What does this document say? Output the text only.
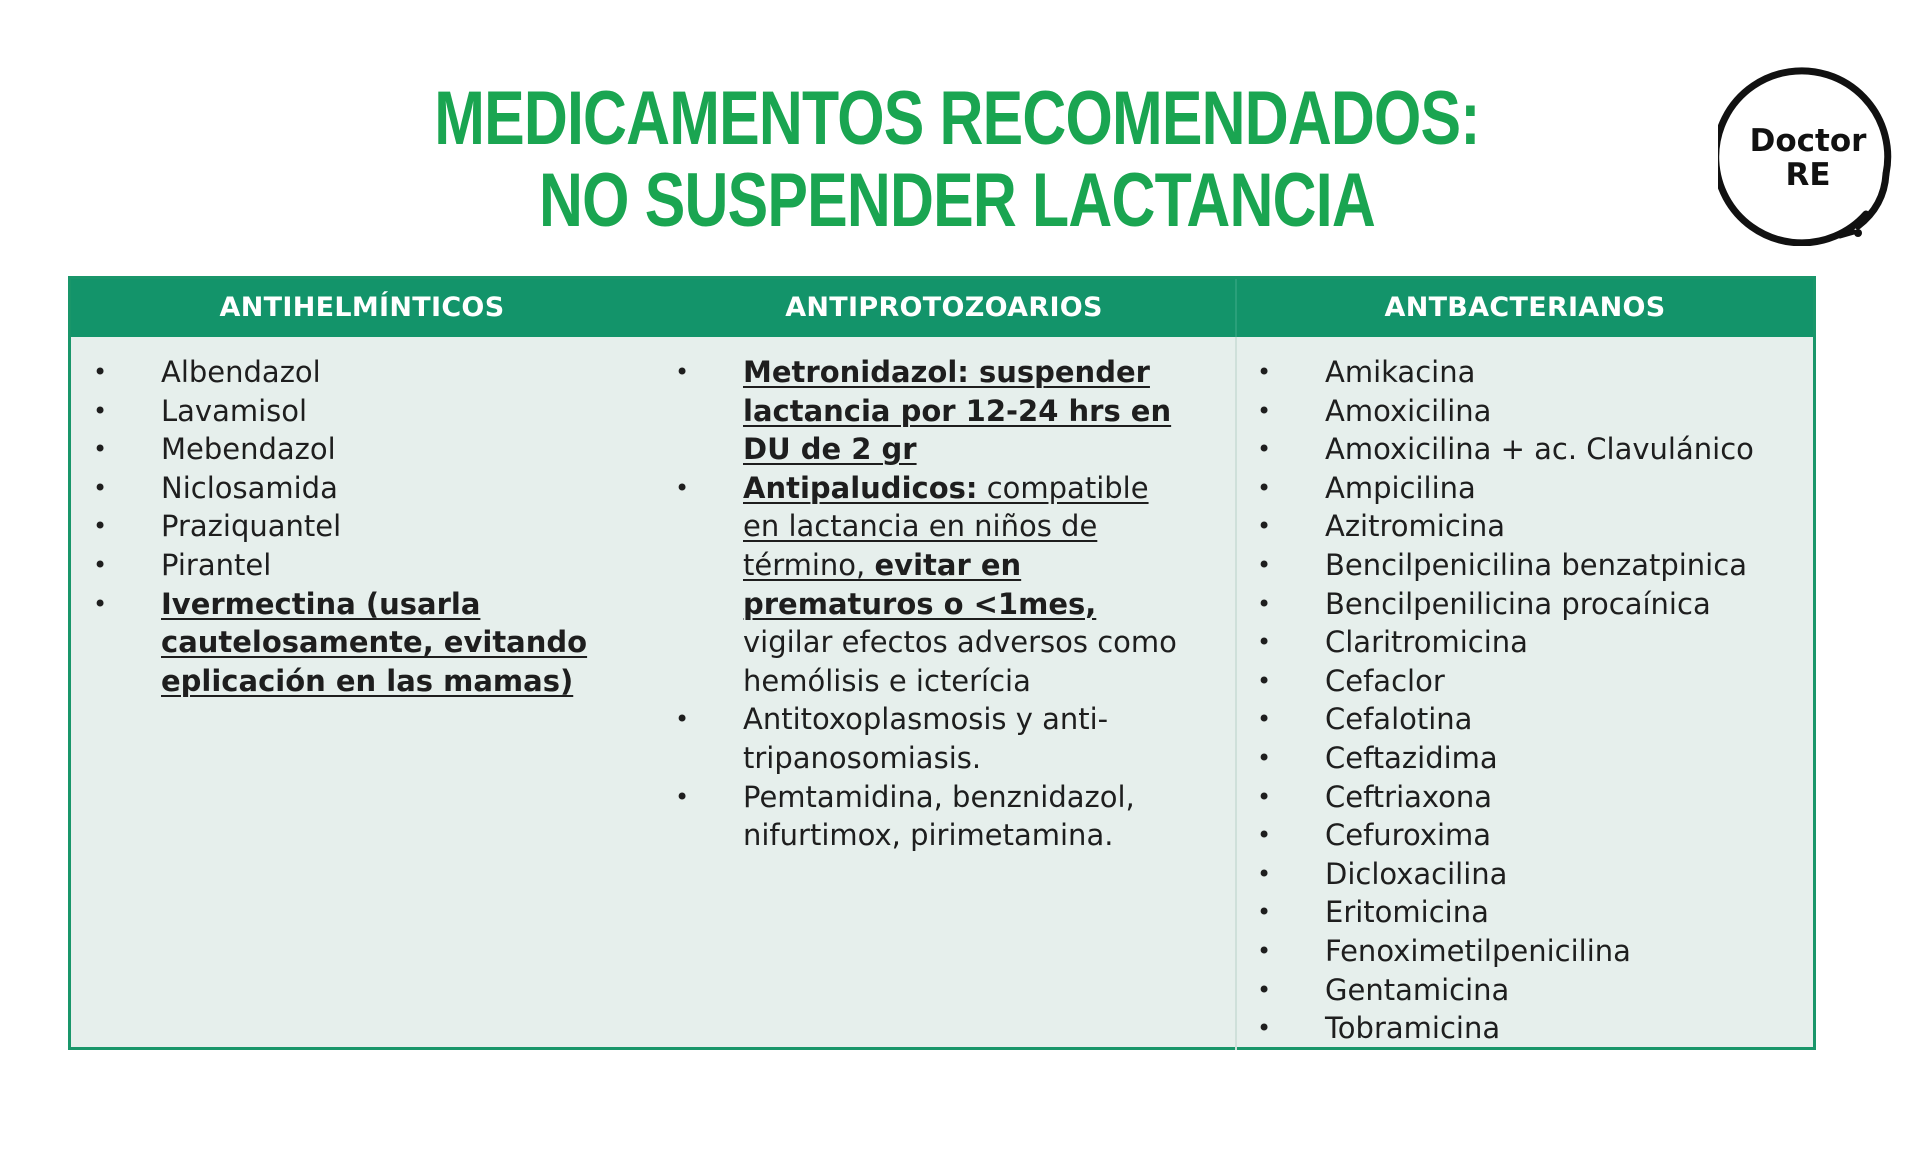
MEDICAMENTOS RECOMENDADOS:
NO SUSPENDER LACTANCIA
Doctor
RE
ANTIHELMÍNTICOS	ANTIPROTOZOARIOS	ANTBACTERIANOS
• Albendazol
• Lavamisol
• Mebendazol
• Niclosamida
• Praziquantel
• Pirantel
• Ivermectina (usarla cautelosamente, evitando eplicación en las mamas)
• Metronidazol: suspender lactancia por 12-24 hrs en DU de 2 gr
• Antipaludicos: compatible en lactancia en niños de término, evitar en prematuros o <1mes, vigilar efectos adversos como hemólisis e icterícia
• Antitoxoplasmosis y anti-tripanosomiasis.
• Pemtamidina, benznidazol, nifurtimox, pirimetamina.
• Amikacina
• Amoxicilina
• Amoxicilina + ac. Clavulánico
• Ampicilina
• Azitromicina
• Bencilpenicilina benzatpinica
• Bencilpenilicina procaínica
• Claritromicina
• Cefaclor
• Cefalotina
• Ceftazidima
• Ceftriaxona
• Cefuroxima
• Dicloxacilina
• Eritomicina
• Fenoximetilpenicilina
• Gentamicina
• Tobramicina
